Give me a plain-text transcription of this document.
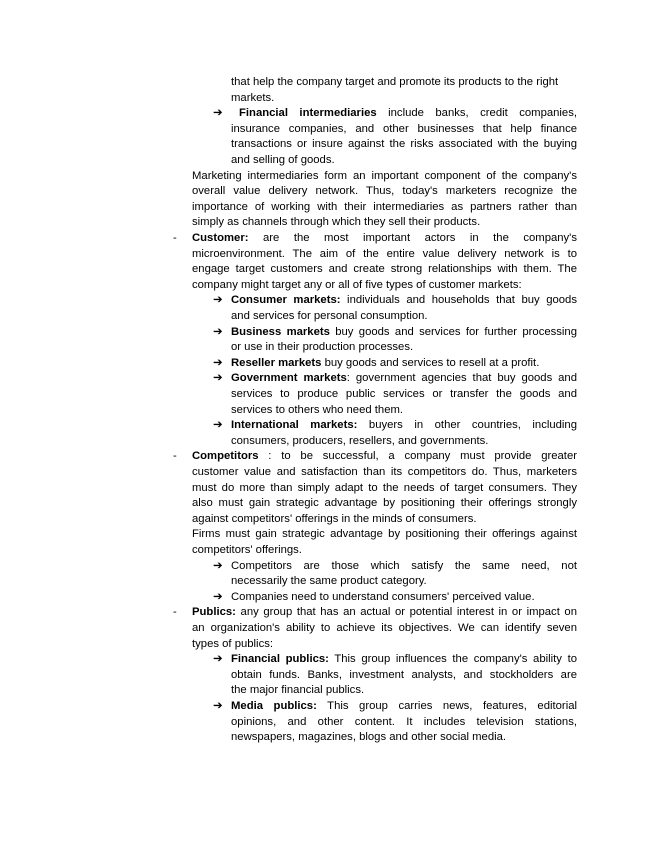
that help the company target and promote its products to the right
markets.
➔ Financial intermediaries include banks, credit companies,
insurance companies, and other businesses that help finance
transactions or insure against the risks associated with the buying
and selling of goods.
Marketing intermediaries form an important component of the company's
overall value delivery network. Thus, today's marketers recognize the
importance of working with their intermediaries as partners rather than
simply as channels through which they sell their products.
- Customer: are the most important actors in the company's
microenvironment. The aim of the entire value delivery network is to
engage target customers and create strong relationships with them. The
company might target any or all of five types of customer markets:
➔ Consumer markets: individuals and households that buy goods
and services for personal consumption.
➔ Business markets buy goods and services for further processing
or use in their production processes.
➔ Reseller markets buy goods and services to resell at a profit.
➔ Government markets: government agencies that buy goods and
services to produce public services or transfer the goods and
services to others who need them.
➔ International markets: buyers in other countries, including
consumers, producers, resellers, and governments.
- Competitors : to be successful, a company must provide greater
customer value and satisfaction than its competitors do. Thus, marketers
must do more than simply adapt to the needs of target consumers. They
also must gain strategic advantage by positioning their offerings strongly
against competitors' offerings in the minds of consumers.
Firms must gain strategic advantage by positioning their offerings against
competitors' offerings.
➔ Competitors are those which satisfy the same need, not
necessarily the same product category.
➔ Companies need to understand consumers' perceived value.
- Publics: any group that has an actual or potential interest in or impact on
an organization's ability to achieve its objectives. We can identify seven
types of publics:
➔ Financial publics: This group influences the company's ability to
obtain funds. Banks, investment analysts, and stockholders are
the major financial publics.
➔ Media publics: This group carries news, features, editorial
opinions, and other content. It includes television stations,
newspapers, magazines, blogs and other social media.
